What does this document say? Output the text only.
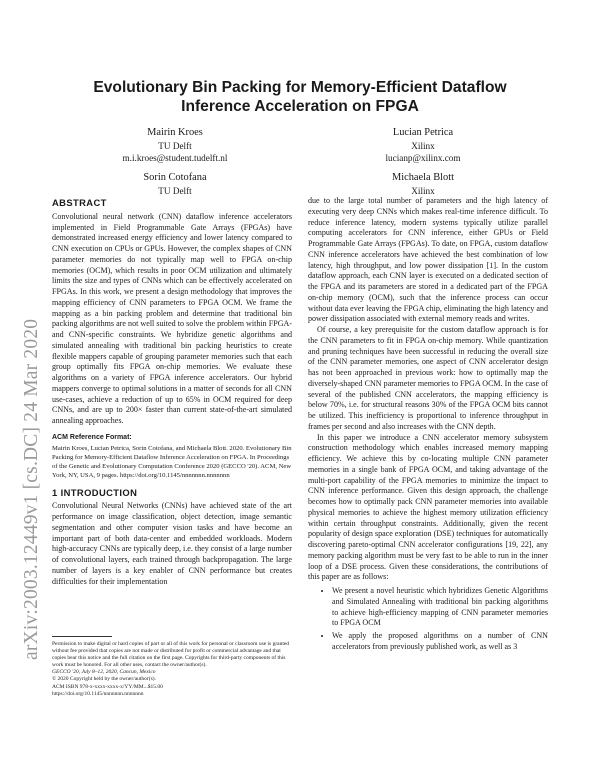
arXiv:2003.12449v1 [cs.DC] 24 Mar 2020
Evolutionary Bin Packing for Memory-Efficient Dataflow Inference Acceleration on FPGA
Mairin Kroes
TU Delft
m.i.kroes@student.tudelft.nl
Lucian Petrica
Xilinx
lucianp@xilinx.com
Sorin Cotofana
TU Delft
Michaela Blott
Xilinx
ABSTRACT

Convolutional neural network (CNN) dataflow inference accelerators implemented in Field Programmable Gate Arrays (FPGAs) have demonstrated increased energy efficiency and lower latency compared to CNN execution on CPUs or GPUs. However, the complex shapes of CNN parameter memories do not typically map well to FPGA on-chip memories (OCM), which results in poor OCM utilization and ultimately limits the size and types of CNNs which can be effectively accelerated on FPGAs. In this work, we present a design methodology that improves the mapping efficiency of CNN parameters to FPGA OCM. We frame the mapping as a bin packing problem and determine that traditional bin packing algorithms are not well suited to solve the problem within FPGA- and CNN-specific constraints. We hybridize genetic algorithms and simulated annealing with traditional bin packing heuristics to create flexible mappers capable of grouping parameter memories such that each group optimally fits FPGA on-chip memories. We evaluate these algorithms on a variety of FPGA inference accelerators. Our hybrid mappers converge to optimal solutions in a matter of seconds for all CNN use-cases, achieve a reduction of up to 65% in OCM required for deep CNNs, and are up to 200× faster than current state-of-the-art simulated annealing approaches.

ACM Reference Format:

Mairin Kroes, Lucian Petrica, Sorin Cotofana, and Michaela Blott. 2020. Evolutionary Bin Packing for Memory-Efficient Dataflow Inference Acceleration on FPGA. In Proceedings of the Genetic and Evolutionary Computation Conference 2020 (GECCO '20). ACM, New York, NY, USA, 9 pages. https://doi.org/10.1145/nnnnnnn.nnnnnnn

1 INTRODUCTION

Convolutional Neural Networks (CNNs) have achieved state of the art performance on image classification, object detection, image semantic segmentation and other computer vision tasks and have become an important part of both data-center and embedded workloads. Modern high-accuracy CNNs are typically deep, i.e. they consist of a large number of convolutional layers, each trained through backpropagation. The large number of layers is a key enabler of CNN performance but creates difficulties for their implementation

Permission to make digital or hard copies of part or all of this work for personal or classroom use is granted without fee provided that copies are not made or distributed for profit or commercial advantage and that copies bear this notice and the full citation on the first page. Copyrights for third-party components of this work must be honored. For all other uses, contact the owner/author(s).
GECCO '20, July 8–12, 2020, Cancun, Mexico
© 2020 Copyright held by the owner/author(s).
ACM ISBN 978-x-xxxx-xxxx-x/YY/MM...$15.00
https://doi.org/10.1145/nnnnnnn.nnnnnnn

due to the large total number of parameters and the high latency of executing very deep CNNs which makes real-time inference difficult. To reduce inference latency, modern systems typically utilize parallel computing accelerators for CNN inference, either GPUs or Field Programmable Gate Arrays (FPGAs). To date, on FPGA, custom dataflow CNN inference accelerators have achieved the best combination of low latency, high throughput, and low power dissipation [1]. In the custom dataflow approach, each CNN layer is executed on a dedicated section of the FPGA and its parameters are stored in a dedicated part of the FPGA on-chip memory (OCM), such that the inference process can occur without data ever leaving the FPGA chip, eliminating the high latency and power dissipation associated with external memory reads and writes.

Of course, a key prerequisite for the custom dataflow approach is for the CNN parameters to fit in FPGA on-chip memory. While quantization and pruning techniques have been successful in reducing the overall size of the CNN parameter memories, one aspect of CNN accelerator design has not been approached in previous work: how to optimally map the diversely-shaped CNN parameter memories to FPGA OCM. In the case of several of the published CNN accelerators, the mapping efficiency is below 70%, i.e. for structural reasons 30% of the FPGA OCM bits cannot be utilized. This inefficiency is proportional to inference throughput in frames per second and also increases with the CNN depth.

In this paper we introduce a CNN accelerator memory subsystem construction methodology which enables increased memory mapping efficiency. We achieve this by co-locating multiple CNN parameter memories in a single bank of FPGA OCM, and taking advantage of the multi-port capability of the FPGA memories to minimize the impact to CNN inference performance. Given this design approach, the challenge becomes how to optimally pack CNN parameter memories into available physical memories to achieve the highest memory utilization efficiency within certain throughput constraints. Additionally, given the recent popularity of design space exploration (DSE) techniques for automatically discovering pareto-optimal CNN accelerator configurations [19, 22], any memory packing algorithm must be very fast to be able to run in the inner loop of a DSE process. Given these considerations, the contributions of this paper are as follows:

• We present a novel heuristic which hybridizes Genetic Algorithms and Simulated Annealing with traditional bin packing algorithms to achieve high-efficiency mapping of CNN parameter memories to FPGA OCM
• We apply the proposed algorithms on a number of CNN accelerators from previously published work, as well as 3
